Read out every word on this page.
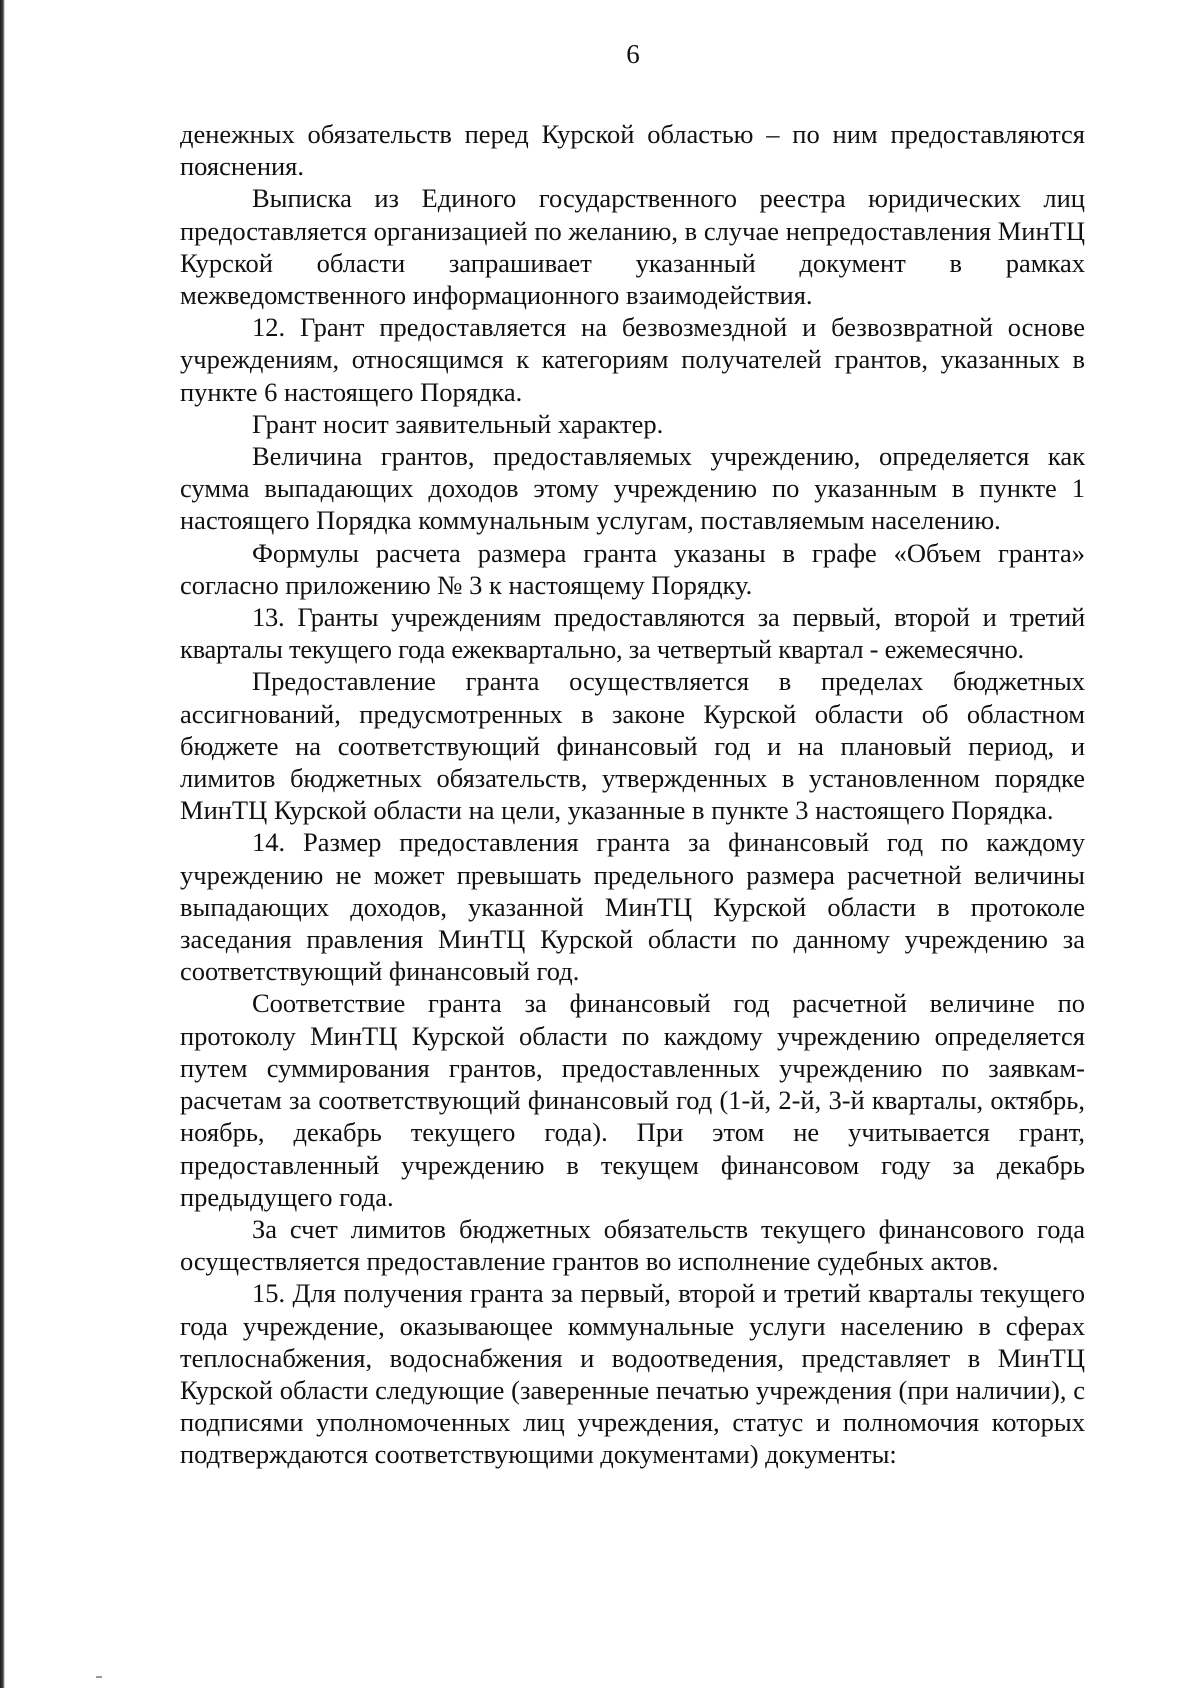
6

денежных обязательств перед Курской областью – по ним предоставляются пояснения.

Выписка из Единого государственного реестра юридических лиц предоставляется организацией по желанию, в случае непредоставления МинТЦ Курской области запрашивает указанный документ в рамках межведомственного информационного взаимодействия.

12. Грант предоставляется на безвозмездной и безвозвратной основе учреждениям, относящимся к категориям получателей грантов, указанных в пункте 6 настоящего Порядка.

Грант носит заявительный характер.

Величина грантов, предоставляемых учреждению, определяется как сумма выпадающих доходов этому учреждению по указанным в пункте 1 настоящего Порядка коммунальным услугам, поставляемым населению.

Формулы расчета размера гранта указаны в графе «Объем гранта» согласно приложению № 3 к настоящему Порядку.

13. Гранты учреждениям предоставляются за первый, второй и третий кварталы текущего года ежеквартально, за четвертый квартал - ежемесячно.

Предоставление гранта осуществляется в пределах бюджетных ассигнований, предусмотренных в законе Курской области об областном бюджете на соответствующий финансовый год и на плановый период, и лимитов бюджетных обязательств, утвержденных в установленном порядке МинТЦ Курской области на цели, указанные в пункте 3 настоящего Порядка.

14. Размер предоставления гранта за финансовый год по каждому учреждению не может превышать предельного размера расчетной величины выпадающих доходов, указанной МинТЦ Курской области в протоколе заседания правления МинТЦ Курской области по данному учреждению за соответствующий финансовый год.

Соответствие гранта за финансовый год расчетной величине по протоколу МинТЦ Курской области по каждому учреждению определяется путем суммирования грантов, предоставленных учреждению по заявкам-расчетам за соответствующий финансовый год (1-й, 2-й, 3-й кварталы, октябрь, ноябрь, декабрь текущего года). При этом не учитывается грант, предоставленный учреждению в текущем финансовом году за декабрь предыдущего года.

За счет лимитов бюджетных обязательств текущего финансового года осуществляется предоставление грантов во исполнение судебных актов.

15. Для получения гранта за первый, второй и третий кварталы текущего года учреждение, оказывающее коммунальные услуги населению в сферах теплоснабжения, водоснабжения и водоотведения, представляет в МинТЦ Курской области следующие (заверенные печатью учреждения (при наличии), с подписями уполномоченных лиц учреждения, статус и полномочия которых подтверждаются соответствующими документами) документы:
